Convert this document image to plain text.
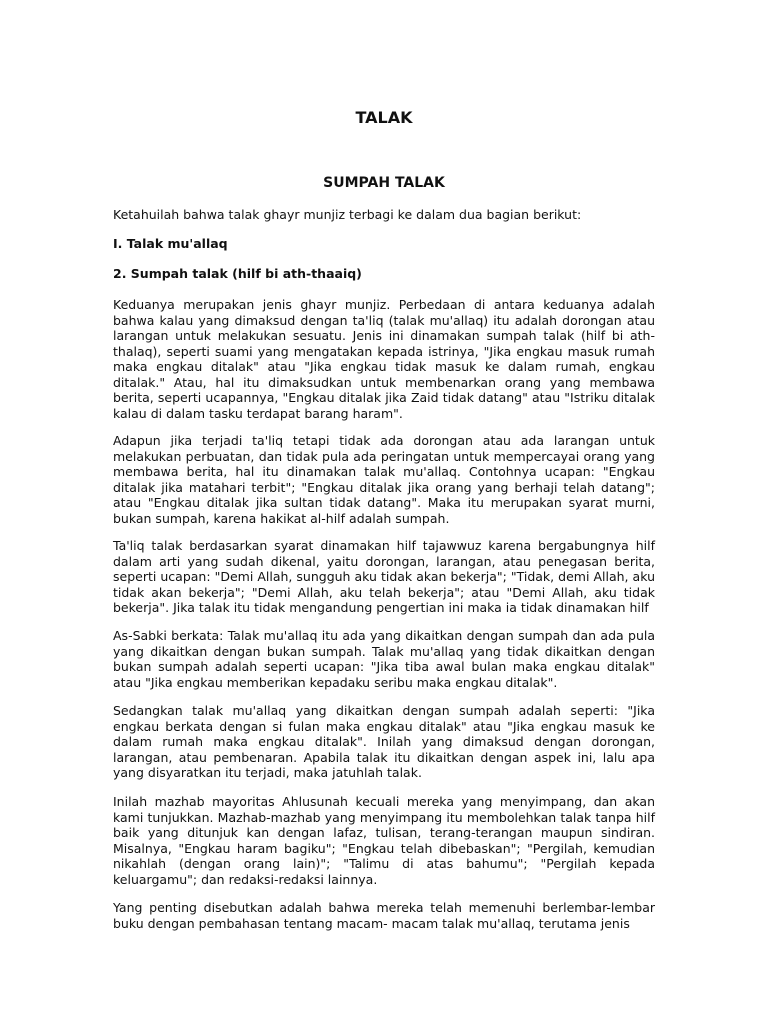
TALAK
SUMPAH TALAK

Ketahuilah bahwa talak ghayr munjiz terbagi ke dalam dua bagian berikut:

I. Talak mu'allaq

2. Sumpah talak (hilf bi ath-thaaiq)

Keduanya merupakan jenis ghayr munjiz. Perbedaan di antara keduanya adalah bahwa kalau yang dimaksud dengan ta'liq (talak mu'allaq) itu adalah dorongan atau larangan untuk melakukan sesuatu. Jenis ini dinamakan sumpah talak (hilf bi ath-thalaq), seperti suami yang mengatakan kepada istrinya, "Jika engkau masuk rumah maka engkau ditalak" atau "Jika engkau tidak masuk ke dalam rumah, engkau ditalak." Atau, hal itu dimaksudkan untuk membenarkan orang yang membawa berita, seperti ucapannya, "Engkau ditalak jika Zaid tidak datang" atau "Istriku ditalak kalau di dalam tasku terdapat barang haram".

Adapun jika terjadi ta'liq tetapi tidak ada dorongan atau ada larangan untuk melakukan perbuatan, dan tidak pula ada peringatan untuk mempercayai orang yang membawa berita, hal itu dinamakan talak mu'allaq. Contohnya ucapan: "Engkau ditalak jika matahari terbit"; "Engkau ditalak jika orang yang berhaji telah datang"; atau "Engkau ditalak jika sultan tidak datang". Maka itu merupakan syarat murni, bukan sumpah, karena hakikat al-hilf adalah sumpah.

Ta'liq talak berdasarkan syarat dinamakan hilf tajawwuz karena bergabungnya hilf dalam arti yang sudah dikenal, yaitu dorongan, larangan, atau penegasan berita, seperti ucapan: "Demi Allah, sungguh aku tidak akan bekerja"; "Tidak, demi Allah, aku tidak akan bekerja"; "Demi Allah, aku telah bekerja"; atau "Demi Allah, aku tidak bekerja". Jika talak itu tidak mengandung pengertian ini maka ia tidak dinamakan hilf

As-Sabki berkata: Talak mu'allaq itu ada yang dikaitkan dengan sumpah dan ada pula yang dikaitkan dengan bukan sumpah. Talak mu'allaq yang tidak dikaitkan dengan bukan sumpah adalah seperti ucapan: "Jika tiba awal bulan maka engkau ditalak" atau "Jika engkau memberikan kepadaku seribu maka engkau ditalak".

Sedangkan talak mu'allaq yang dikaitkan dengan sumpah adalah seperti: "Jika engkau berkata dengan si fulan maka engkau ditalak" atau "Jika engkau masuk ke dalam rumah maka engkau ditalak". Inilah yang dimaksud dengan dorongan, larangan, atau pembenaran. Apabila talak itu dikaitkan dengan aspek ini, lalu apa yang disyaratkan itu terjadi, maka jatuhlah talak.

Inilah mazhab mayoritas Ahlusunah kecuali mereka yang menyimpang, dan akan kami tunjukkan. Mazhab-mazhab yang menyimpang itu membolehkan talak tanpa hilf baik yang ditunjuk kan dengan lafaz, tulisan, terang-terangan maupun sindiran. Misalnya, "Engkau haram bagiku"; "Engkau telah dibebaskan"; "Pergilah, kemudian nikahlah (dengan orang lain)"; "Talimu di atas bahumu"; "Pergilah kepada keluargamu"; dan redaksi-redaksi lainnya.

Yang penting disebutkan adalah bahwa mereka telah memenuhi berlembar-lembar buku dengan pembahasan tentang macam- macam talak mu'allaq, terutama jenis
